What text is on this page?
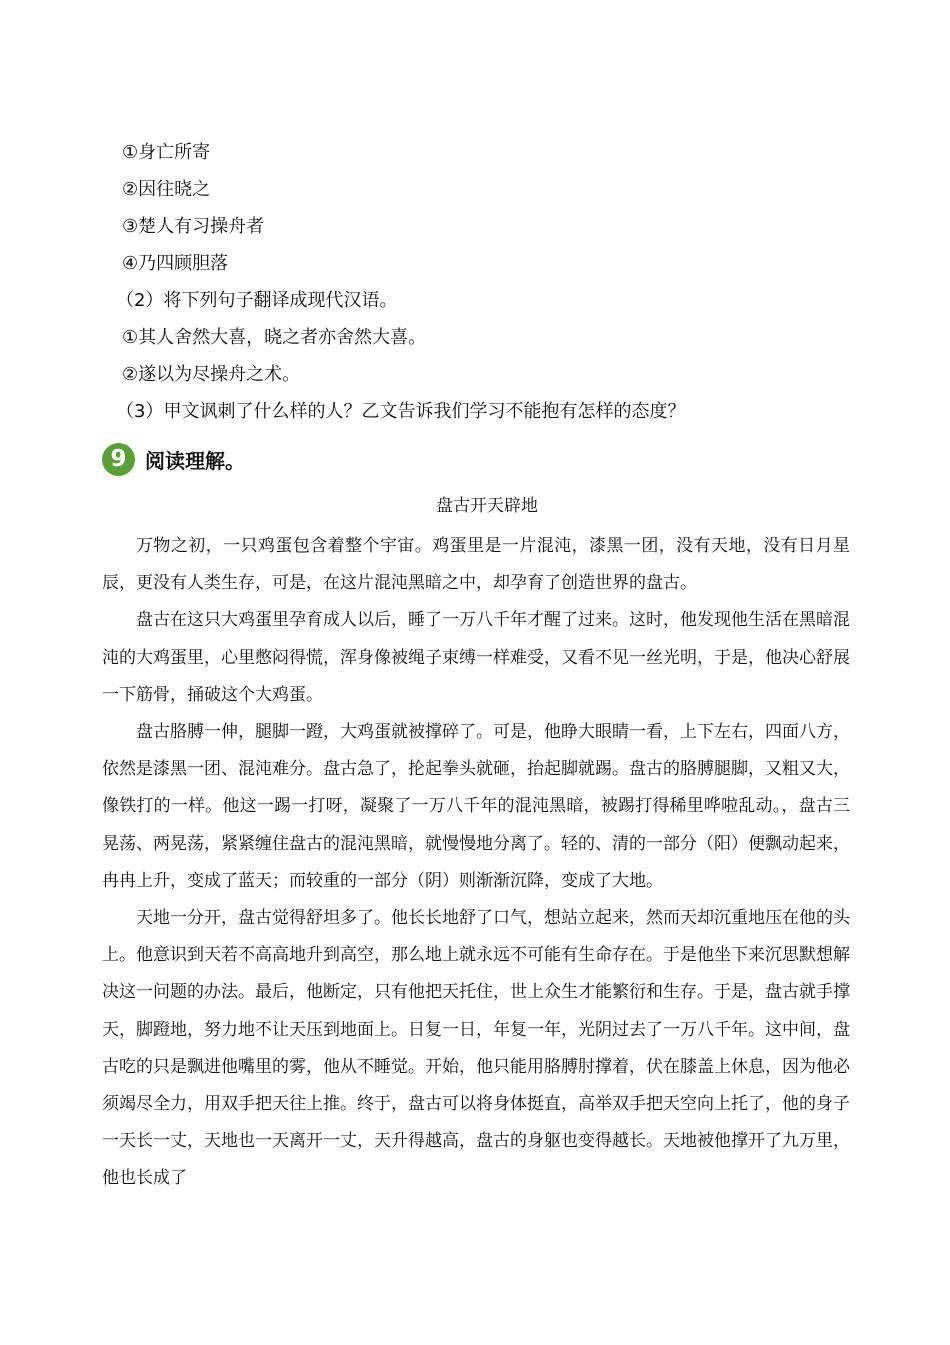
①身亡所寄
②因往晓之
③楚人有习操舟者
④乃四顾胆落
（2）将下列句子翻译成现代汉语。
①其人舍然大喜，晓之者亦舍然大喜。
②遂以为尽操舟之术。
（3）甲文讽刺了什么样的人？乙文告诉我们学习不能抱有怎样的态度？
9 阅读理解。
盘古开天辟地

万物之初，一只鸡蛋包含着整个宇宙。鸡蛋里是一片混沌，漆黑一团，没有天地，没有日月星辰，更没有人类生存，可是，在这片混沌黑暗之中，却孕育了创造世界的盘古。

盘古在这只大鸡蛋里孕育成人以后，睡了一万八千年才醒了过来。这时，他发现他生活在黑暗混沌的大鸡蛋里，心里憋闷得慌，浑身像被绳子束缚一样难受，又看不见一丝光明，于是，他决心舒展一下筋骨，捅破这个大鸡蛋。

盘古胳膊一伸，腿脚一蹬，大鸡蛋就被撑碎了。可是，他睁大眼睛一看，上下左右，四面八方，依然是漆黑一团、混沌难分。盘古急了，抡起拳头就砸，抬起脚就踢。盘古的胳膊腿脚，又粗又大，像铁打的一样。他这一踢一打呀，凝聚了一万八千年的混沌黑暗，被踢打得稀里哗啦乱动。，盘古三晃荡、两晃荡，紧紧缠住盘古的混沌黑暗，就慢慢地分离了。轻的、清的一部分（阳）便飘动起来，冉冉上升，变成了蓝天；而较重的一部分（阴）则渐渐沉降，变成了大地。

天地一分开，盘古觉得舒坦多了。他长长地舒了口气，想站立起来，然而天却沉重地压在他的头上。他意识到天若不高高地升到高空，那么地上就永远不可能有生命存在。于是他坐下来沉思默想解决这一问题的办法。最后，他断定，只有他把天托住，世上众生才能繁衍和生存。于是，盘古就手撑天，脚蹬地，努力地不让天压到地面上。日复一日，年复一年，光阴过去了一万八千年。这中间，盘古吃的只是飘进他嘴里的雾，他从不睡觉。开始，他只能用胳膊肘撑着，伏在膝盖上休息，因为他必须竭尽全力，用双手把天往上推。终于，盘古可以将身体挺直，高举双手把天空向上托了，他的身子一天长一丈，天地也一天离开一丈，天升得越高，盘古的身躯也变得越长。天地被他撑开了九万里，他也长成了
